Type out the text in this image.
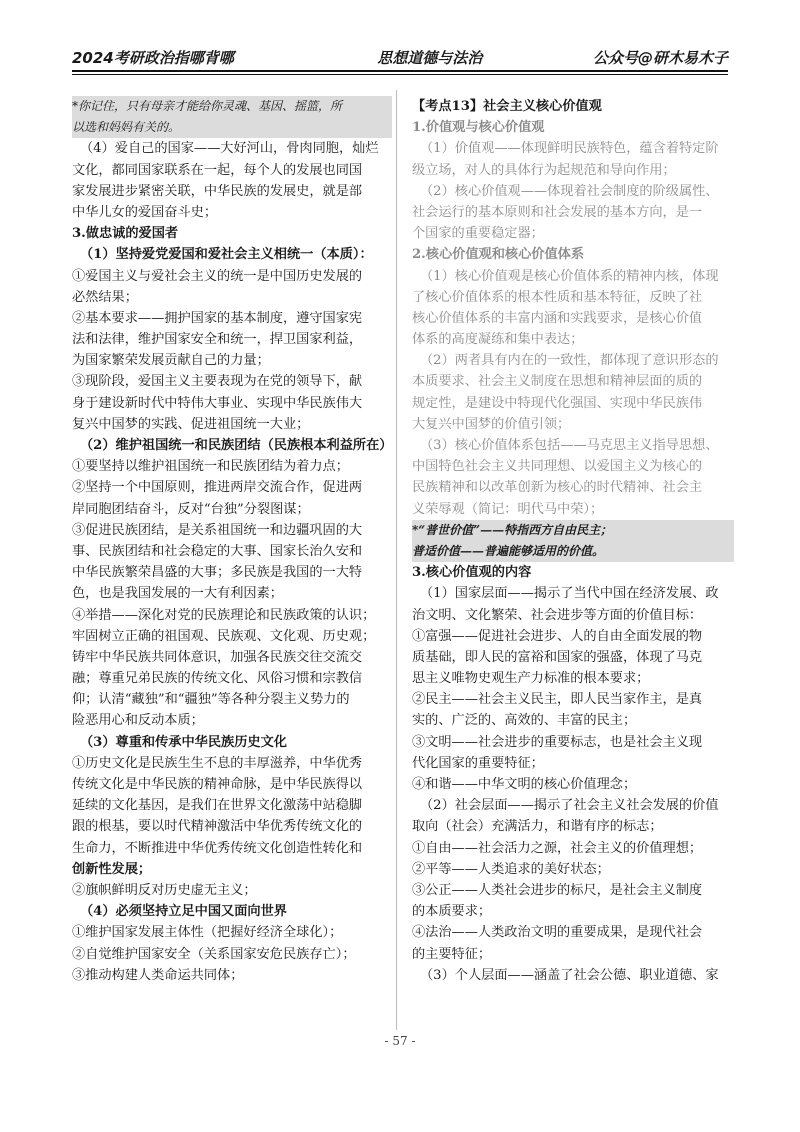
2024考研政治指哪背哪	思想道德与法治	公众号@研木易木子
*你记住，只有母亲才能给你灵魂、基因、摇篮，所
以选和妈妈有关的。
（4）爱自己的国家——大好河山，骨肉同胞，灿烂
文化，都同国家联系在一起，每个人的发展也同国
家发展进步紧密关联，中华民族的发展史，就是部
中华儿女的爱国奋斗史；
3.做忠诚的爱国者
（1）坚持爱党爱国和爱社会主义相统一（本质）：
①爱国主义与爱社会主义的统一是中国历史发展的
必然结果；
②基本要求——拥护国家的基本制度，遵守国家宪
法和法律，维护国家安全和统一，捍卫国家利益，
为国家繁荣发展贡献自己的力量；
③现阶段，爱国主义主要表现为在党的领导下，献
身于建设新时代中特伟大事业、实现中华民族伟大
复兴中国梦的实践、促进祖国统一大业；
（2）维护祖国统一和民族团结（民族根本利益所在）
①要坚持以维护祖国统一和民族团结为着力点；
②坚持一个中国原则，推进两岸交流合作，促进两
岸同胞团结奋斗，反对“台独”分裂图谋；
③促进民族团结，是关系祖国统一和边疆巩固的大
事、民族团结和社会稳定的大事、国家长治久安和
中华民族繁荣昌盛的大事；多民族是我国的一大特
色，也是我国发展的一大有利因素；
④举措——深化对党的民族理论和民族政策的认识；
牢固树立正确的祖国观、民族观、文化观、历史观；
铸牢中华民族共同体意识，加强各民族交往交流交
融；尊重兄弟民族的传统文化、风俗习惯和宗教信
仰；认清“藏独”和“疆独”等各种分裂主义势力的
险恶用心和反动本质；
（3）尊重和传承中华民族历史文化
①历史文化是民族生生不息的丰厚滋养，中华优秀
传统文化是中华民族的精神命脉，是中华民族得以
延续的文化基因，是我们在世界文化激荡中站稳脚
跟的根基，要以时代精神激活中华优秀传统文化的
生命力，不断推进中华优秀传统文化创造性转化和
创新性发展；
②旗帜鲜明反对历史虚无主义；
（4）必须坚持立足中国又面向世界
①维护国家发展主体性（把握好经济全球化）；
②自觉维护国家安全（关系国家安危民族存亡）；
③推动构建人类命运共同体；
【考点13】社会主义核心价值观
1.价值观与核心价值观
（1）价值观——体现鲜明民族特色，蕴含着特定阶
级立场，对人的具体行为起规范和导向作用；
（2）核心价值观——体现着社会制度的阶级属性、
社会运行的基本原则和社会发展的基本方向，是一
个国家的重要稳定器；
2.核心价值观和核心价值体系
（1）核心价值观是核心价值体系的精神内核，体现
了核心价值体系的根本性质和基本特征，反映了社
核心价值体系的丰富内涵和实践要求，是核心价值
体系的高度凝练和集中表达；
（2）两者具有内在的一致性，都体现了意识形态的
本质要求、社会主义制度在思想和精神层面的质的
规定性，是建设中特现代化强国、实现中华民族伟
大复兴中国梦的价值引领；
（3）核心价值体系包括——马克思主义指导思想、
中国特色社会主义共同理想、以爱国主义为核心的
民族精神和以改革创新为核心的时代精神、社会主
义荣辱观（简记：明代马中荣）；
*“普世价值”——特指西方自由民主；
普适价值——普遍能够适用的价值。
3.核心价值观的内容
（1）国家层面——揭示了当代中国在经济发展、政
治文明、文化繁荣、社会进步等方面的价值目标：
①富强——促进社会进步、人的自由全面发展的物
质基础，即人民的富裕和国家的强盛，体现了马克
思主义唯物史观生产力标准的根本要求；
②民主——社会主义民主，即人民当家作主，是真
实的、广泛的、高效的、丰富的民主；
③文明——社会进步的重要标志，也是社会主义现
代化国家的重要特征；
④和谐——中华文明的核心价值理念；
（2）社会层面——揭示了社会主义社会发展的价值
取向（社会）充满活力，和谐有序的标志；
①自由——社会活力之源，社会主义的价值理想；
②平等——人类追求的美好状态；
③公正——人类社会进步的标尺，是社会主义制度
的本质要求；
④法治——人类政治文明的重要成果，是现代社会
的主要特征；
（3）个人层面——涵盖了社会公德、职业道德、家
- 57 -
